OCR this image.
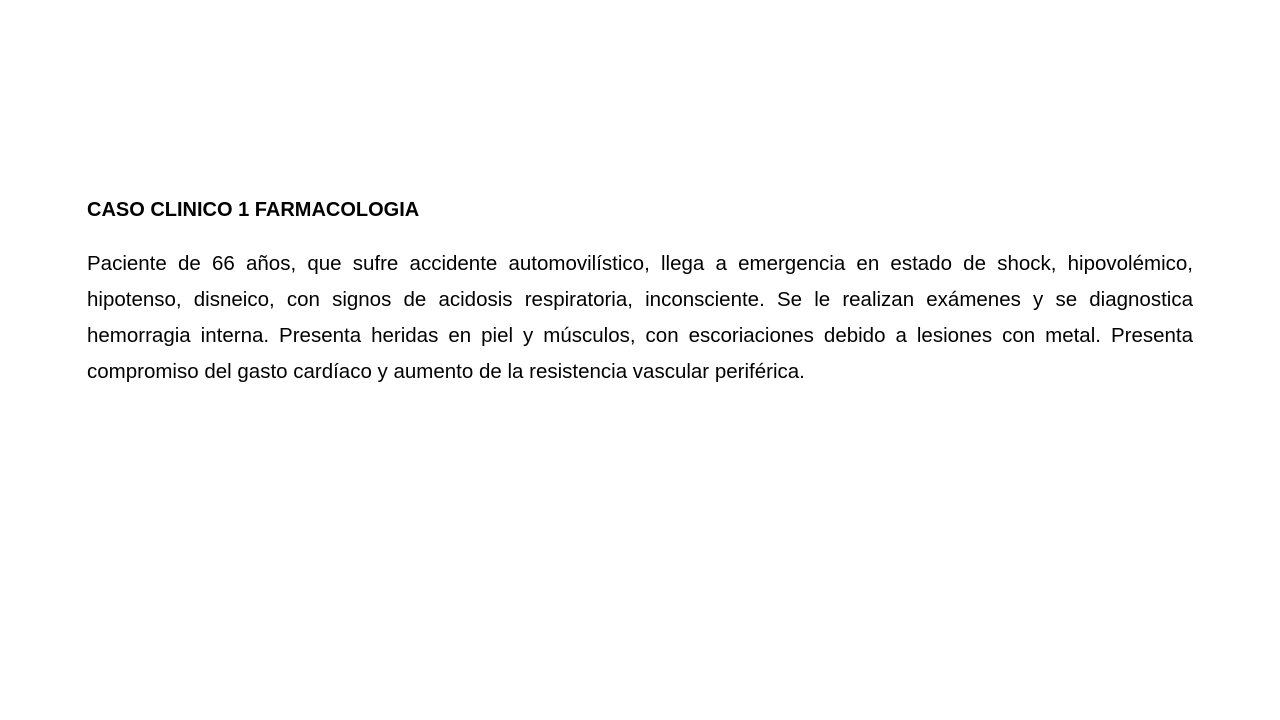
CASO CLINICO 1 FARMACOLOGIA

Paciente de 66 años, que sufre accidente automovilístico, llega a emergencia en estado de shock, hipovolémico, hipotenso, disneico, con signos de acidosis respiratoria, inconsciente. Se le realizan exámenes y se diagnostica hemorragia interna. Presenta heridas en piel y músculos, con escoriaciones debido a lesiones con metal. Presenta compromiso del gasto cardíaco y aumento de la resistencia vascular periférica.
